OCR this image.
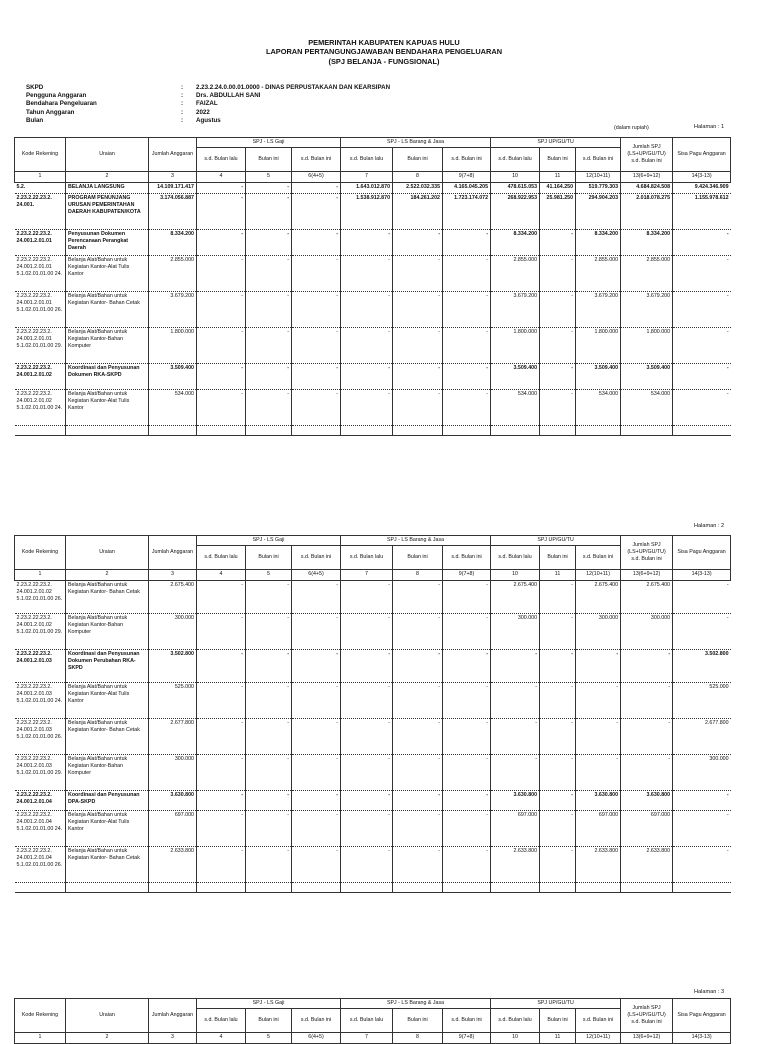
PEMERINTAH KABUPATEN KAPUAS HULU
LAPORAN PERTANGUNGJAWABAN BENDAHARA PENGELUARAN
(SPJ BELANJA - FUNGSIONAL)
SKPD	:	2.23.2.24.0.00.01.0000 - DINAS PERPUSTAKAAN DAN KEARSIPAN
Pengguna Anggaran	:	Drs. ABDULLAH SANI
Bendahara Pengeluaran	:	FAIZAL
Tahun Anggaran	:	2022
Bulan	:	Agustus
(dalam rupiah)	Halaman : 1
Halaman : 2
Halaman : 3
Kode Rekening	Uraian	Jumlah Anggaran	SPJ - LS Gaji			SPJ - LS Barang & Jasa			SPJ UP/GU/TU			Jumlah SPJ
(LS+UP/GU/TU)
s.d. Bulan ini	Sisa Pagu Anggaran
			s.d. Bulan lalu	Bulan ini	s.d. Bulan ini	s.d. Bulan lalu	Bulan ini	s.d. Bulan ini	s.d. Bulan lalu	Bulan ini	s.d. Bulan ini		
1	2	3	4	5	6(4+5)	7	8	9(7+8)	10	11	12(10+11)	13(6+9+12)	14(3-13)
5.2.	BELANJA LANGSUNG	14.109.171.417	-	-	-	1.643.012.870	2.522.032.335	4.165.045.205	478.615.053	41.164.250	519.779.303	4.684.824.508	9.424.346.909
2.23.2.22.23.2. 24.001.	PROGRAM PENUNJANG URUSAN PEMERINTAHAN DAERAH KABUPATEN/KOTA	3.174.056.887	-	-	-	1.538.912.870	184.261.202	1.723.174.072	268.922.953	25.981.250	294.904.203	2.018.078.275	1.155.978.612
2.23.2.22.23.2. 24.001.2.01.01	Penyusunan Dokumen Perencanaan Perangkat Daerah	8.334.200	-	-	-	-	-	-	8.334.200	-	8.334.200	8.334.200	-
2.23.2.22.23.2. 24.001.2.01.01 5.1.02.01.01.00 24.	Belanja Alat/Bahan untuk Kegiatan Kantor-Alat Tulis Kantor	2.855.000	-	-	-	-	-	-	2.855.000	-	2.855.000	2.855.000	-
2.23.2.22.23.2. 24.001.2.01.01 5.1.02.01.01.00 26.	Belanja Alat/Bahan untuk Kegiatan Kantor- Bahan Cetak	3.679.200	-	-	-	-	-	-	3.679.200	-	3.679.200	3.679.200	-
2.23.2.22.23.2. 24.001.2.01.01 5.1.02.01.01.00 29.	Belanja Alat/Bahan untuk Kegiatan Kantor-Bahan Komputer	1.800.000	-	-	-	-	-	-	1.800.000	-	1.800.000	1.800.000	-
2.23.2.22.23.2. 24.001.2.01.02	Koordinasi dan Penyusunan Dokumen RKA-SKPD	3.509.400	-	-	-	-	-	-	3.509.400	-	3.509.400	3.509.400	-
2.23.2.22.23.2. 24.001.2.01.02 5.1.02.01.01.00 24.	Belanja Alat/Bahan untuk Kegiatan Kantor-Alat Tulis Kantor	534.000	-	-	-	-	-	-	534.000	-	534.000	534.000	-

Kode Rekening	Uraian	Jumlah Anggaran	SPJ - LS Gaji			SPJ - LS Barang & Jasa			SPJ UP/GU/TU			Jumlah SPJ
(LS+UP/GU/TU)
s.d. Bulan ini	Sisa Pagu Anggaran
			s.d. Bulan lalu	Bulan ini	s.d. Bulan ini	s.d. Bulan lalu	Bulan ini	s.d. Bulan ini	s.d. Bulan lalu	Bulan ini	s.d. Bulan ini		
1	2	3	4	5	6(4+5)	7	8	9(7+8)	10	11	12(10+11)	13(6+9+12)	14(3-13)
2.23.2.22.23.2. 24.001.2.01.02 5.1.02.01.01.00 26.	Belanja Alat/Bahan untuk Kegiatan Kantor- Bahan Cetak	2.675.400	-	-	-	-	-	-	2.675.400	-	2.675.400	2.675.400	-
2.23.2.22.23.2. 24.001.2.01.02 5.1.02.01.01.00 29.	Belanja Alat/Bahan untuk Kegiatan Kantor-Bahan Komputer	300.000	-	-	-	-	-	-	300.000	-	300.000	300.000	-
2.23.2.22.23.2. 24.001.2.01.03	Koordinasi dan Penyusunan Dokumen Perubahan RKA-SKPD	3.502.800	-	-	-	-	-	-	-	-	-	-	3.502.800
2.23.2.22.23.2. 24.001.2.01.03 5.1.02.01.01.00 24.	Belanja Alat/Bahan untuk Kegiatan Kantor-Alat Tulis Kantor	525.000	-	-	-	-	-	-	-	-	-	-	525.000
2.23.2.22.23.2. 24.001.2.01.03 5.1.02.01.01.00 26.	Belanja Alat/Bahan untuk Kegiatan Kantor- Bahan Cetak	2.677.800	-	-	-	-	-	-	-	-	-	-	2.677.800
2.23.2.22.23.2. 24.001.2.01.03 5.1.02.01.01.00 29.	Belanja Alat/Bahan untuk Kegiatan Kantor-Bahan Komputer	300.000	-	-	-	-	-	-	-	-	-	-	300.000
2.23.2.22.23.2. 24.001.2.01.04	Koordinasi dan Penyusunan DPA-SKPD	3.630.800	-	-	-	-	-	-	3.630.800	-	3.630.800	3.630.800	-
2.23.2.22.23.2. 24.001.2.01.04 5.1.02.01.01.00 24.	Belanja Alat/Bahan untuk Kegiatan Kantor-Alat Tulis Kantor	697.000	-	-	-	-	-	-	697.000	-	697.000	697.000	-
2.23.2.22.23.2. 24.001.2.01.04 5.1.02.01.01.00 26.	Belanja Alat/Bahan untuk Kegiatan Kantor- Bahan Cetak	2.633.800	-	-	-	-	-	-	2.633.800	-	2.633.800	2.633.800	-

Kode Rekening	Uraian	Jumlah Anggaran	SPJ - LS Gaji			SPJ - LS Barang & Jasa			SPJ UP/GU/TU			Jumlah SPJ
(LS+UP/GU/TU)
s.d. Bulan ini	Sisa Pagu Anggaran
			s.d. Bulan lalu	Bulan ini	s.d. Bulan ini	s.d. Bulan lalu	Bulan ini	s.d. Bulan ini	s.d. Bulan lalu	Bulan ini	s.d. Bulan ini		
1	2	3	4	5	6(4+5)	7	8	9(7+8)	10	11	12(10+11)	13(6+9+12)	14(3-13)
